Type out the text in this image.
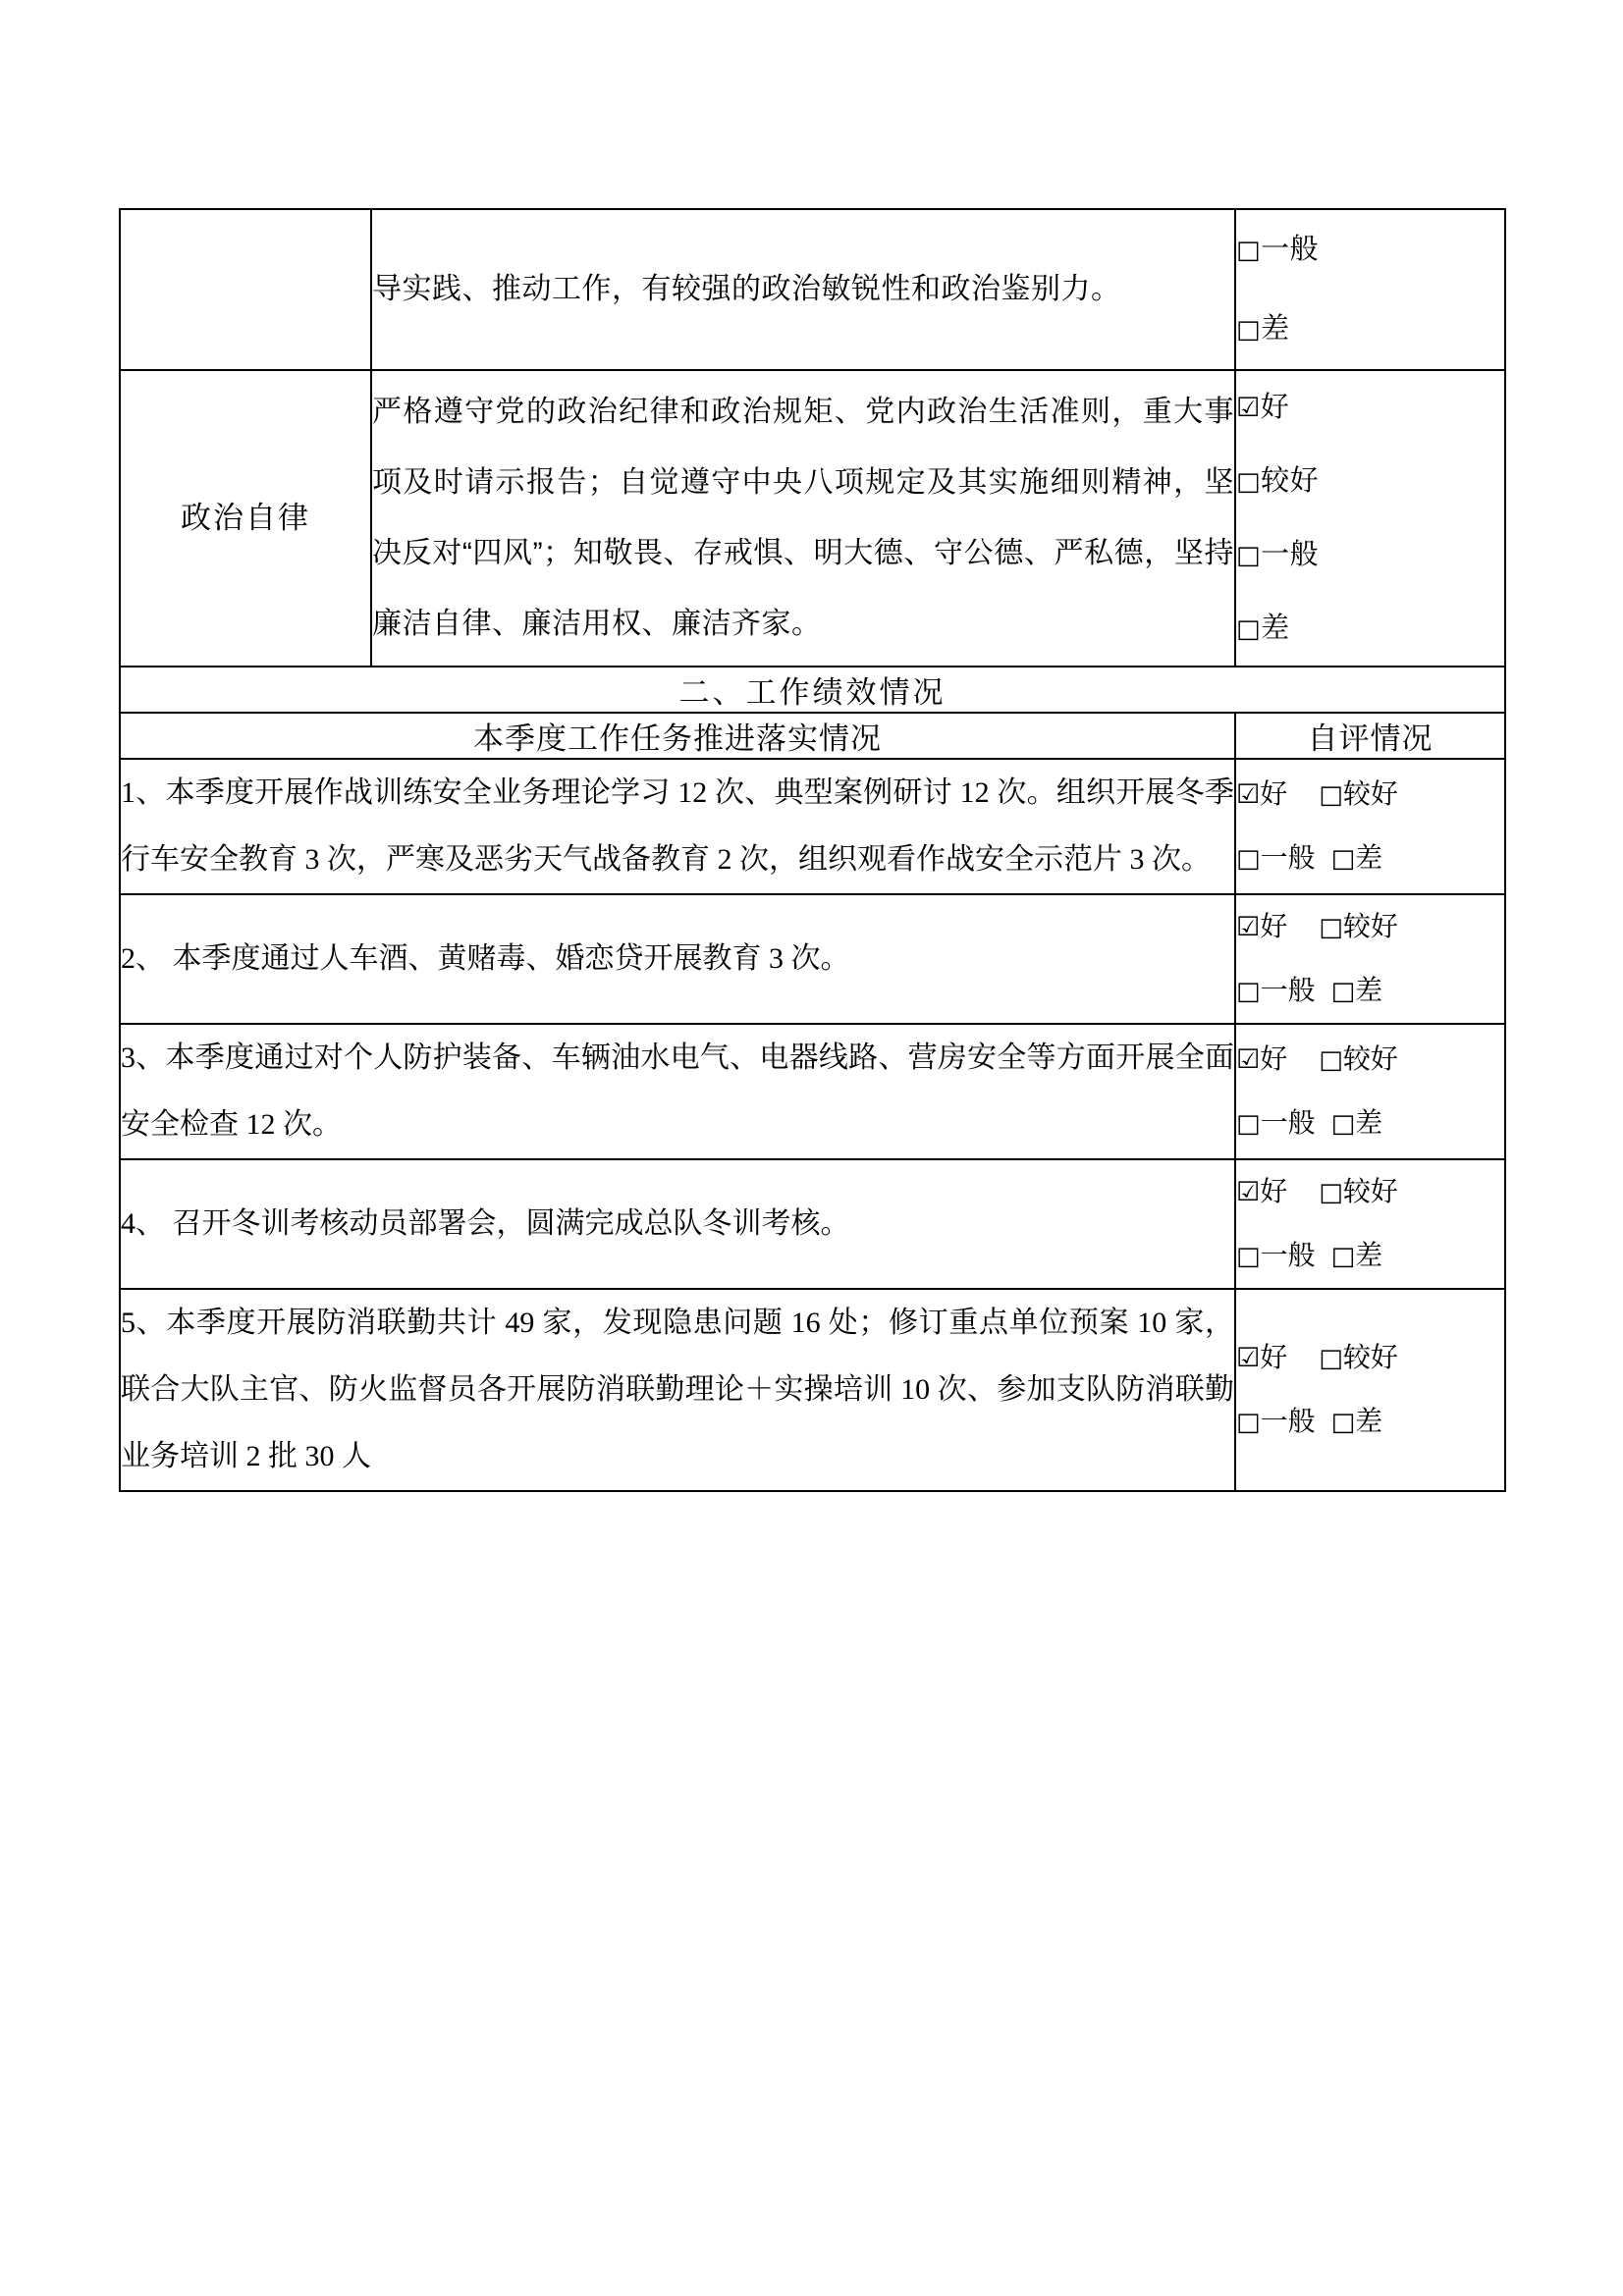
	导实践、推动工作，有较强的政治敏锐性和政治鉴别力。	□一般
□差

政治自律	严格遵守党的政治纪律和政治规矩、党内政治生活准则，重大事项及时请示报告；自觉遵守中央八项规定及其实施细则精神，坚决反对“四风”；知敬畏、存戒惧、明大德、守公德、严私德，坚持廉洁自律、廉洁用权、廉洁齐家。	☑好
□较好
□一般
□差

二、工作绩效情况		
本季度工作任务推进落实情况		自评情况
1、本季度开展作战训练安全业务理论学习 12 次、典型案例研讨 12 次。组织开展冬季行车安全教育 3 次，严寒及恶劣天气战备教育 2 次，组织观看作战安全示范片 3 次。		☑好 □较好
□一般 □差

2、 本季度通过人车酒、黄赌毒、婚恋贷开展教育 3 次。		☑好 □较好
□一般 □差

3、本季度通过对个人防护装备、车辆油水电气、电器线路、营房安全等方面开展全面安全检查 12 次。		☑好 □较好
□一般 □差

4、 召开冬训考核动员部署会，圆满完成总队冬训考核。		☑好 □较好
□一般 □差

5、本季度开展防消联勤共计 49 家，发现隐患问题 16 处；修订重点单位预案 10 家，联合大队主官、防火监督员各开展防消联勤理论＋实操培训 10 次、参加支队防消联勤业务培训 2 批 30 人		☑好 □较好
□一般 □差
